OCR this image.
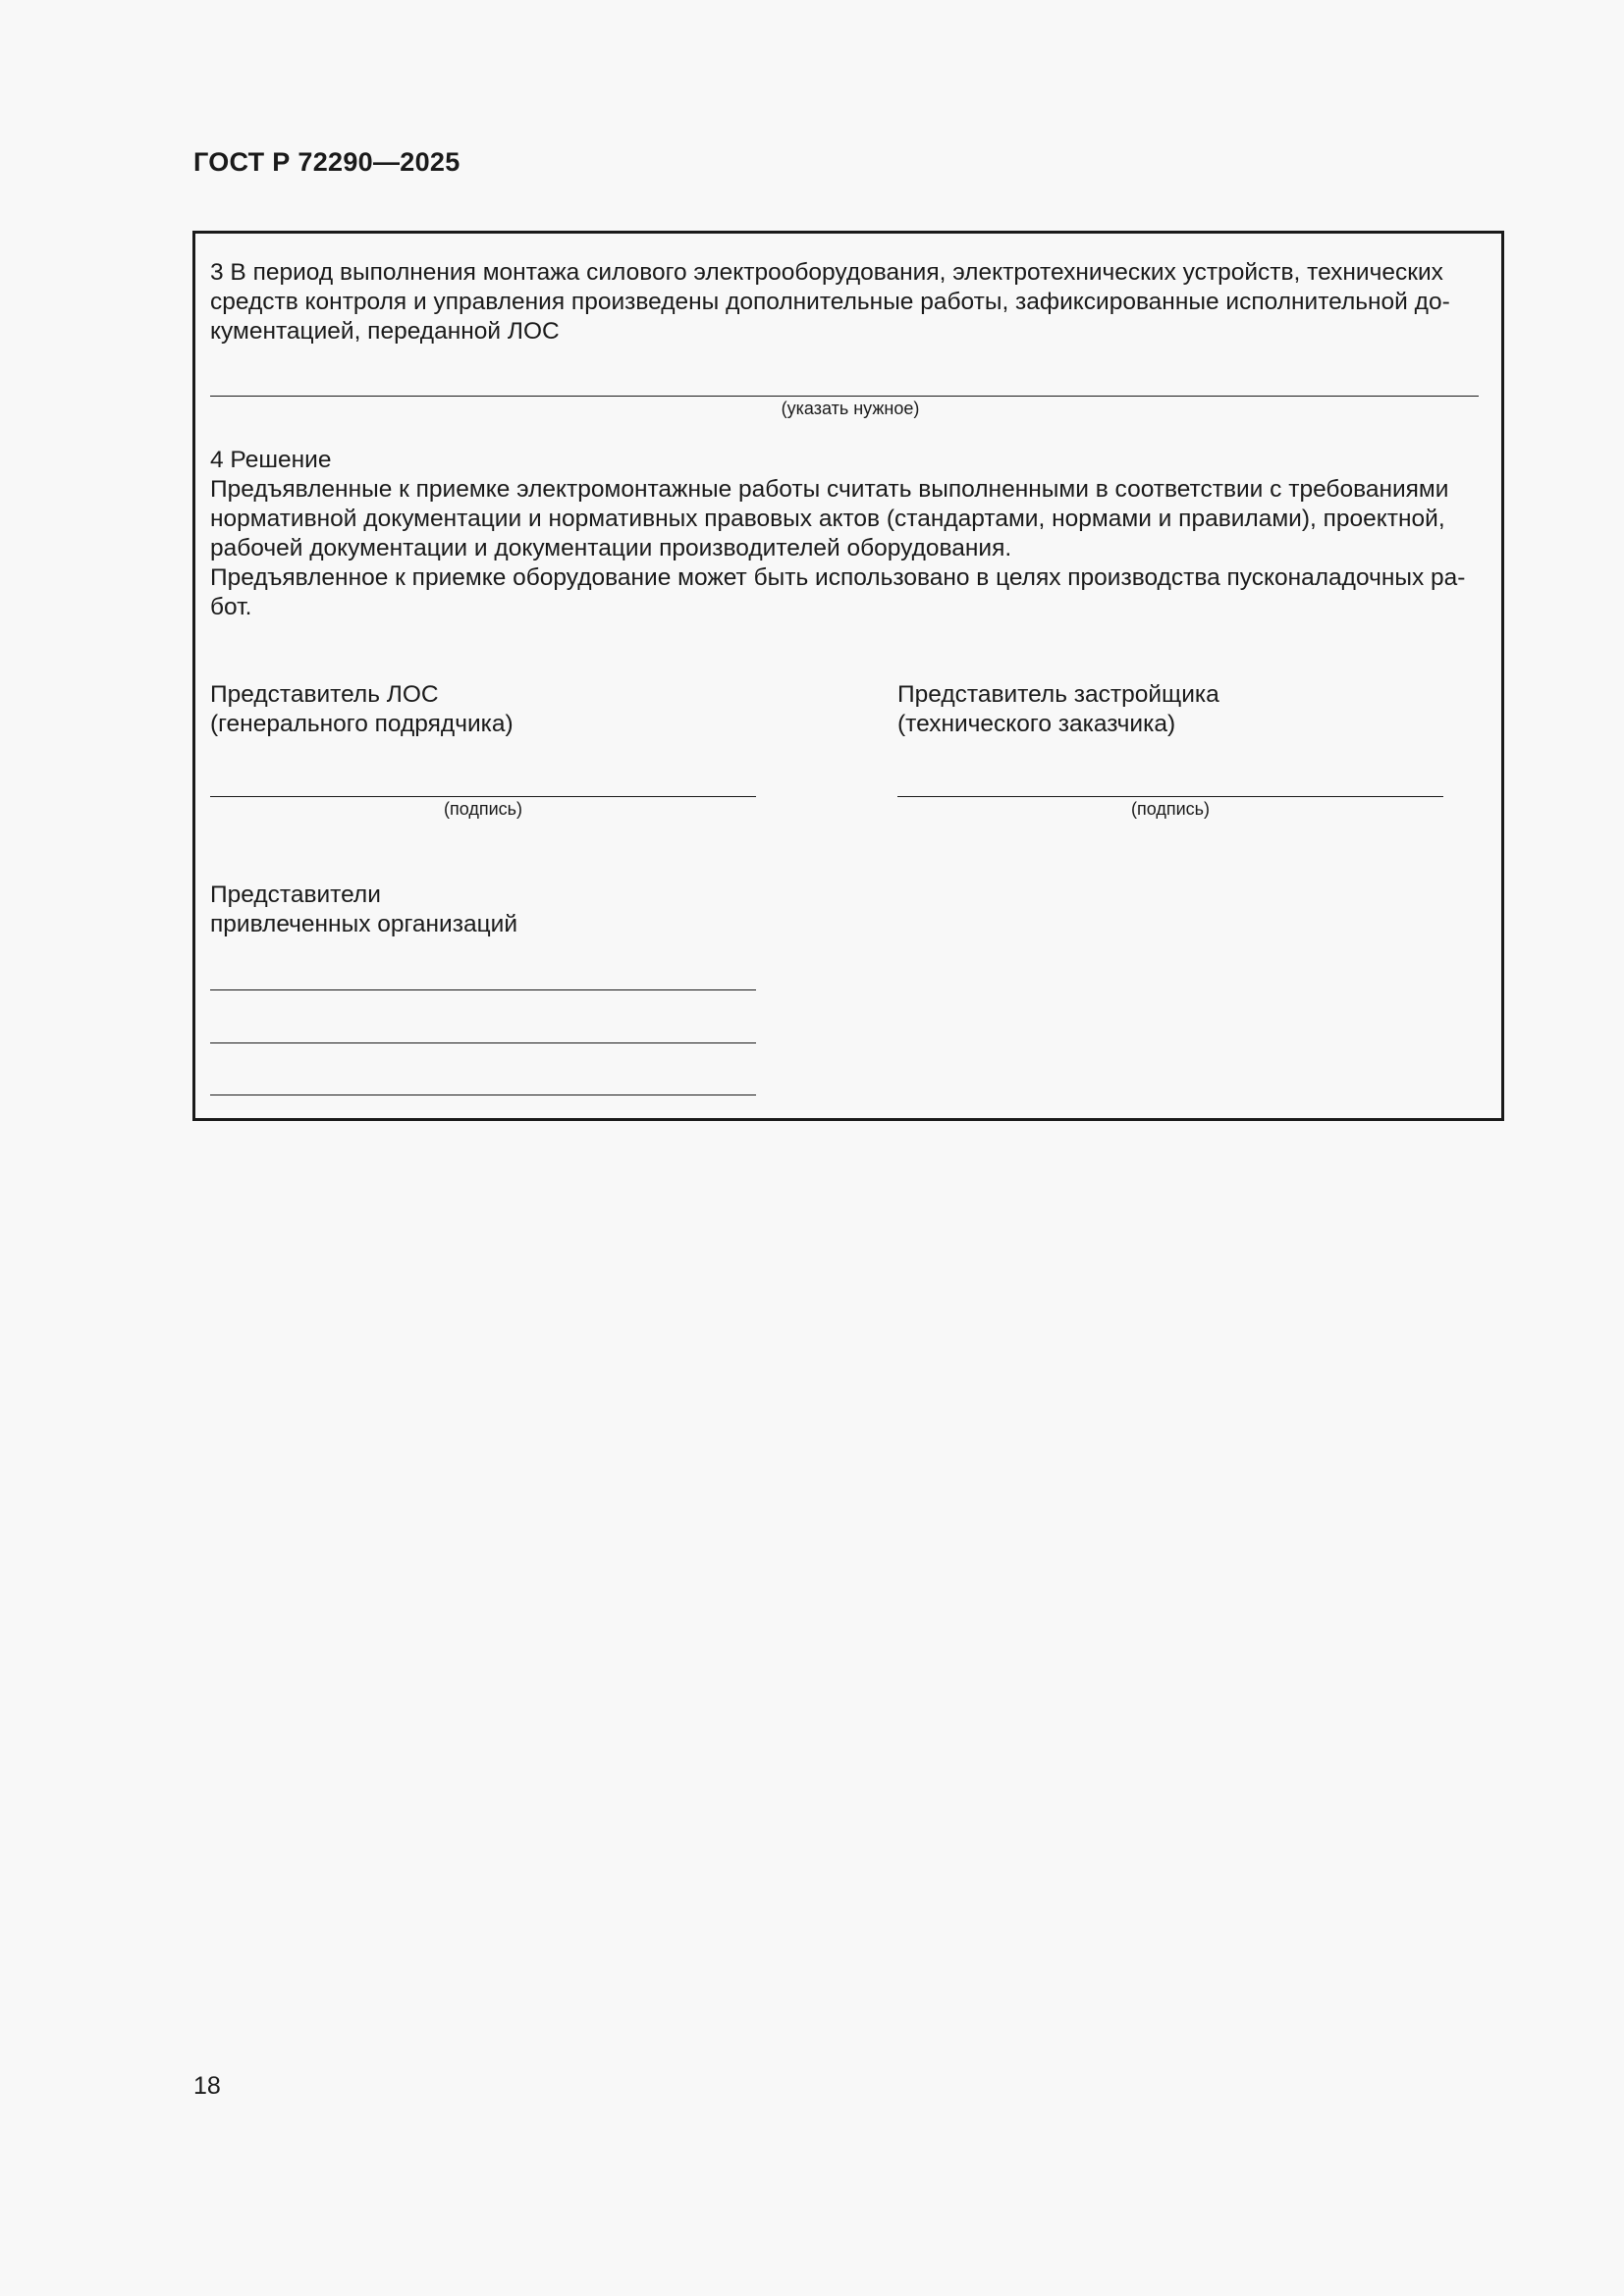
ГОСТ Р 72290—2025
3 В период выполнения монтажа силового электрооборудования, электротехнических устройств, технических
средств контроля и управления произведены дополнительные работы, зафиксированные исполнительной до-
кументацией, переданной ЛОС
(указать нужное)
4 Решение
Предъявленные к приемке электромонтажные работы считать выполненными в соответствии с требованиями
нормативной документации и нормативных правовых актов (стандартами, нормами и правилами), проектной,
рабочей документации и документации производителей оборудования.
Предъявленное к приемке оборудование может быть использовано в целях производства пусконаладочных ра-
бот.
Представитель ЛОС
(генерального подрядчика)
(подпись)
Представитель застройщика
(технического заказчика)
(подпись)
Представители
привлеченных организаций
18
